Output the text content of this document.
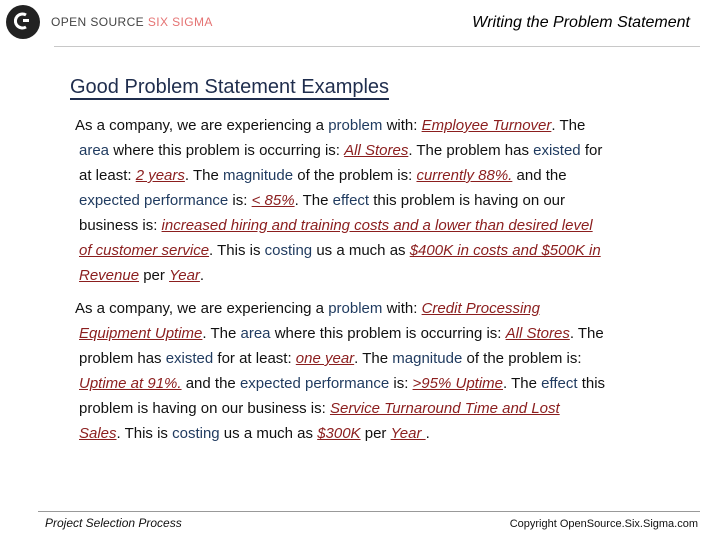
OPEN SOURCE SIX SIGMA	Writing the Problem Statement
Good Problem Statement Examples
As a company, we are experiencing a problem with: Employee Turnover. The
area where this problem is occurring is: All Stores. The problem has existed for
at least: 2 years. The magnitude of the problem is: currently 88%. and the
expected performance is: < 85%. The effect this problem is having on our
business is: increased hiring and training costs and a lower than desired level
of customer service. This is costing us a much as $400K in costs and $500K in
Revenue per Year.
As a company, we are experiencing a problem with: Credit Processing
Equipment Uptime. The area where this problem is occurring is: All Stores. The
problem has existed for at least: one year. The magnitude of the problem is:
Uptime at 91%. and the expected performance is: >95% Uptime. The effect this
problem is having on our business is: Service Turnaround Time and Lost
Sales. This is costing us a much as $300K per Year .
Project Selection Process	Copyright OpenSource.Six.Sigma.com
